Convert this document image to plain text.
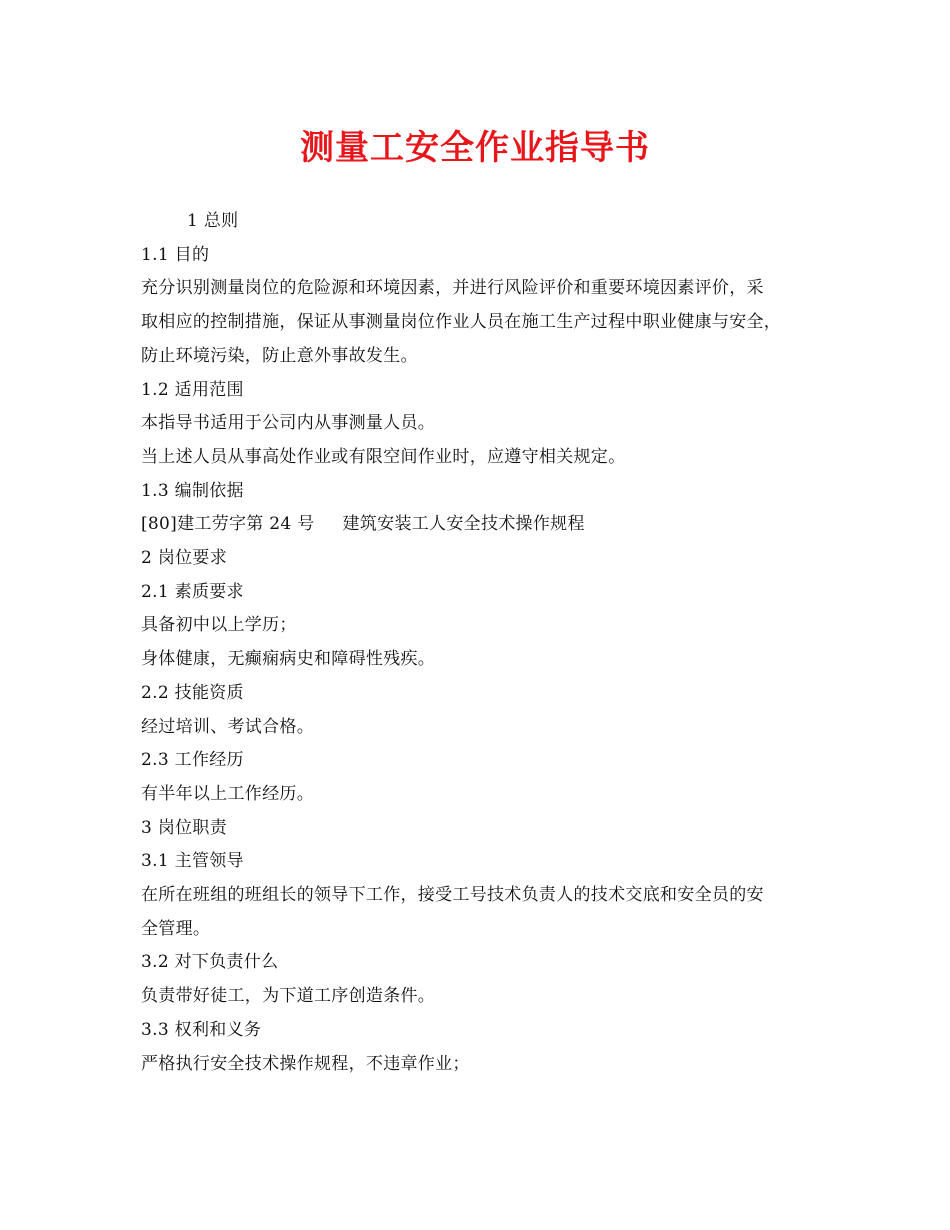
测量工安全作业指导书
1 总则
1.1 目的
充分识别测量岗位的危险源和环境因素，并进行风险评价和重要环境因素评价，采
取相应的控制措施，保证从事测量岗位作业人员在施工生产过程中职业健康与安全，
防止环境污染，防止意外事故发生。
1.2 适用范围
本指导书适用于公司内从事测量人员。
当上述人员从事高处作业或有限空间作业时，应遵守相关规定。
1.3 编制依据
[80]建工劳字第 24 号 建筑安装工人安全技术操作规程
2 岗位要求
2.1 素质要求
具备初中以上学历；
身体健康，无癫痫病史和障碍性残疾。
2.2 技能资质
经过培训、考试合格。
2.3 工作经历
有半年以上工作经历。
3 岗位职责
3.1 主管领导
在所在班组的班组长的领导下工作，接受工号技术负责人的技术交底和安全员的安
全管理。
3.2 对下负责什么
负责带好徒工，为下道工序创造条件。
3.3 权利和义务
严格执行安全技术操作规程，不违章作业；
